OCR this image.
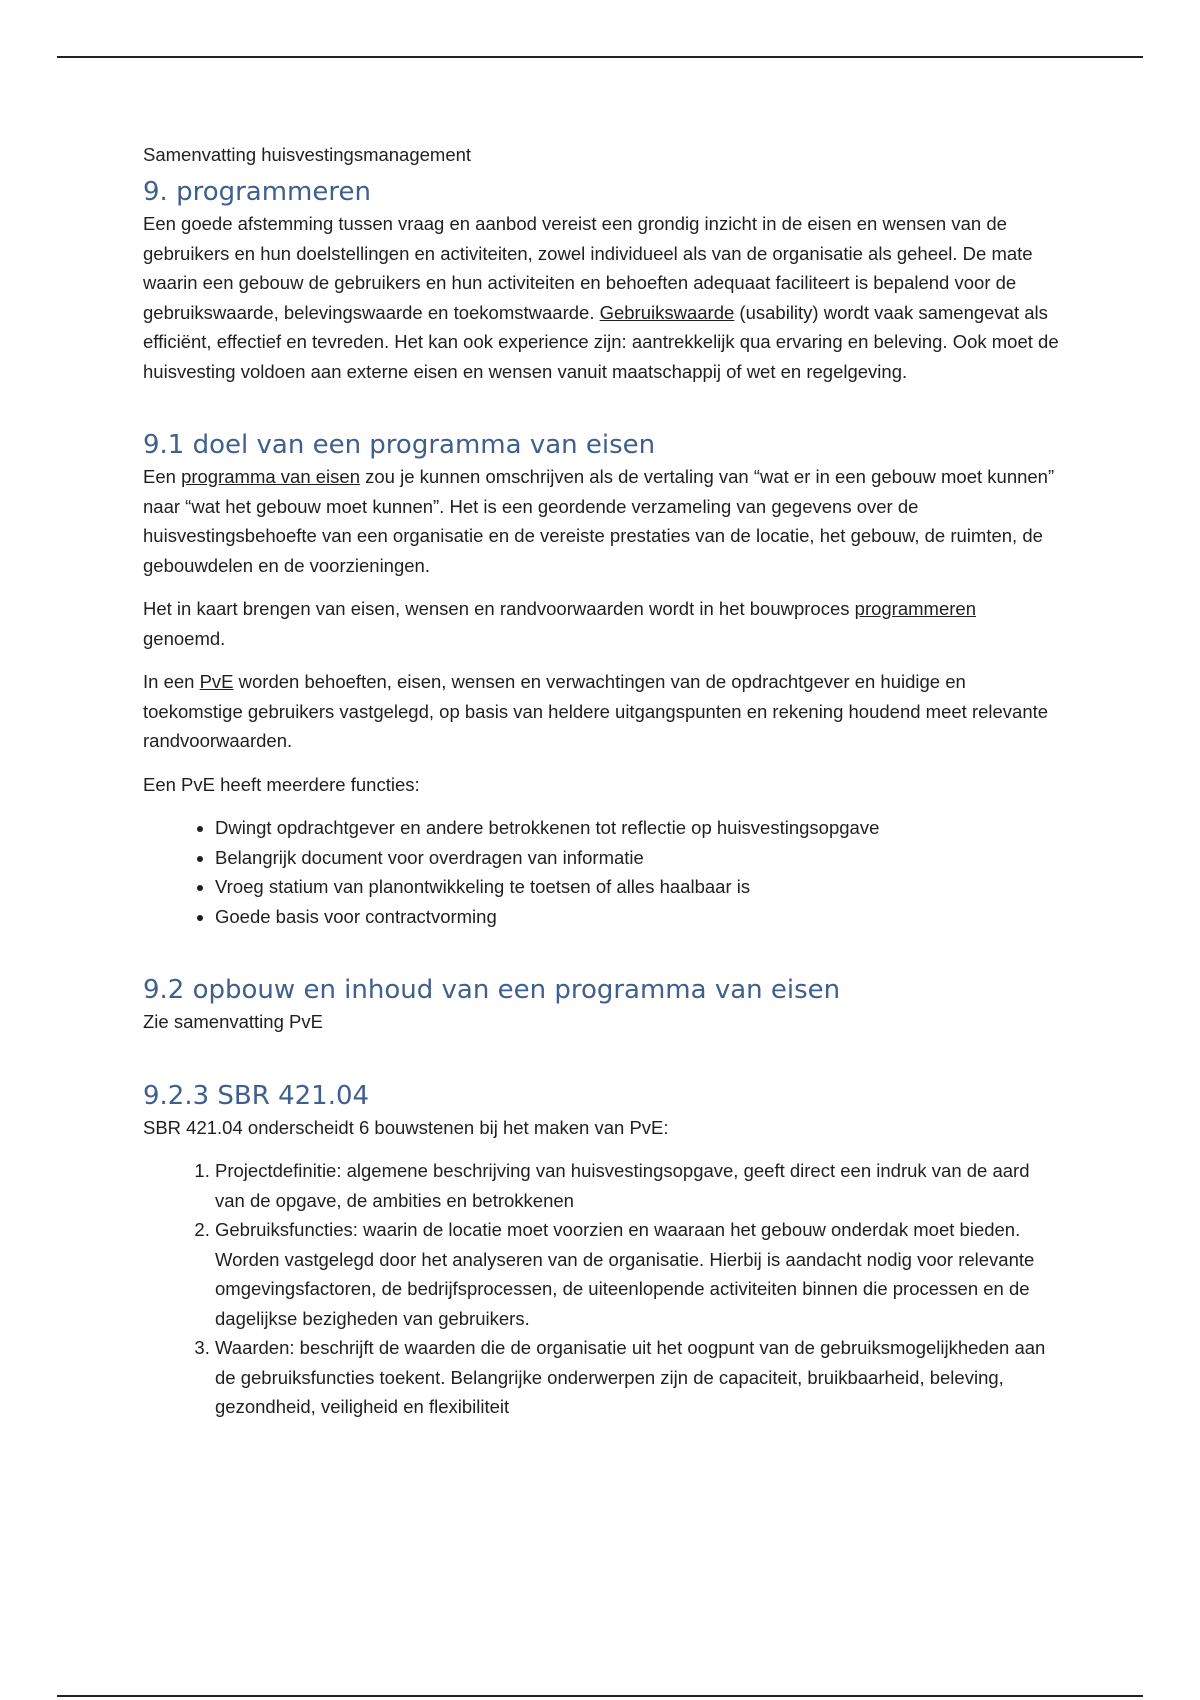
Samenvatting huisvestingsmanagement
9. programmeren

Een goede afstemming tussen vraag en aanbod vereist een grondig inzicht in de eisen en wensen van de gebruikers en hun doelstellingen en activiteiten, zowel individueel als van de organisatie als geheel. De mate waarin een gebouw de gebruikers en hun activiteiten en behoeften adequaat faciliteert is bepalend voor de gebruikswaarde, belevingswaarde en toekomstwaarde. Gebruikswaarde (usability) wordt vaak samengevat als efficiënt, effectief en tevreden. Het kan ook experience zijn: aantrekkelijk qua ervaring en beleving. Ook moet de huisvesting voldoen aan externe eisen en wensen vanuit maatschappij of wet en regelgeving.

9.1 doel van een programma van eisen

Een programma van eisen zou je kunnen omschrijven als de vertaling van “wat er in een gebouw moet kunnen” naar “wat het gebouw moet kunnen”. Het is een geordende verzameling van gegevens over de huisvestingsbehoefte van een organisatie en de vereiste prestaties van de locatie, het gebouw, de ruimten, de gebouwdelen en de voorzieningen.

Het in kaart brengen van eisen, wensen en randvoorwaarden wordt in het bouwproces programmeren genoemd.

In een PvE worden behoeften, eisen, wensen en verwachtingen van de opdrachtgever en huidige en toekomstige gebruikers vastgelegd, op basis van heldere uitgangspunten en rekening houdend meet relevante randvoorwaarden.

Een PvE heeft meerdere functies:

• Dwingt opdrachtgever en andere betrokkenen tot reflectie op huisvestingsopgave
• Belangrijk document voor overdragen van informatie
• Vroeg statium van planontwikkeling te toetsen of alles haalbaar is
• Goede basis voor contractvorming
9.2 opbouw en inhoud van een programma van eisen

Zie samenvatting PvE

9.2.3 SBR 421.04

SBR 421.04 onderscheidt 6 bouwstenen bij het maken van PvE:

1. Projectdefinitie: algemene beschrijving van huisvestingsopgave, geeft direct een indruk van de aard van de opgave, de ambities en betrokkenen
2. Gebruiksfuncties: waarin de locatie moet voorzien en waaraan het gebouw onderdak moet bieden. Worden vastgelegd door het analyseren van de organisatie. Hierbij is aandacht nodig voor relevante omgevingsfactoren, de bedrijfsprocessen, de uiteenlopende activiteiten binnen die processen en de dagelijkse bezigheden van gebruikers.
3. Waarden: beschrijft de waarden die de organisatie uit het oogpunt van de gebruiksmogelijkheden aan de gebruiksfuncties toekent. Belangrijke onderwerpen zijn de capaciteit, bruikbaarheid, beleving, gezondheid, veiligheid en flexibiliteit
